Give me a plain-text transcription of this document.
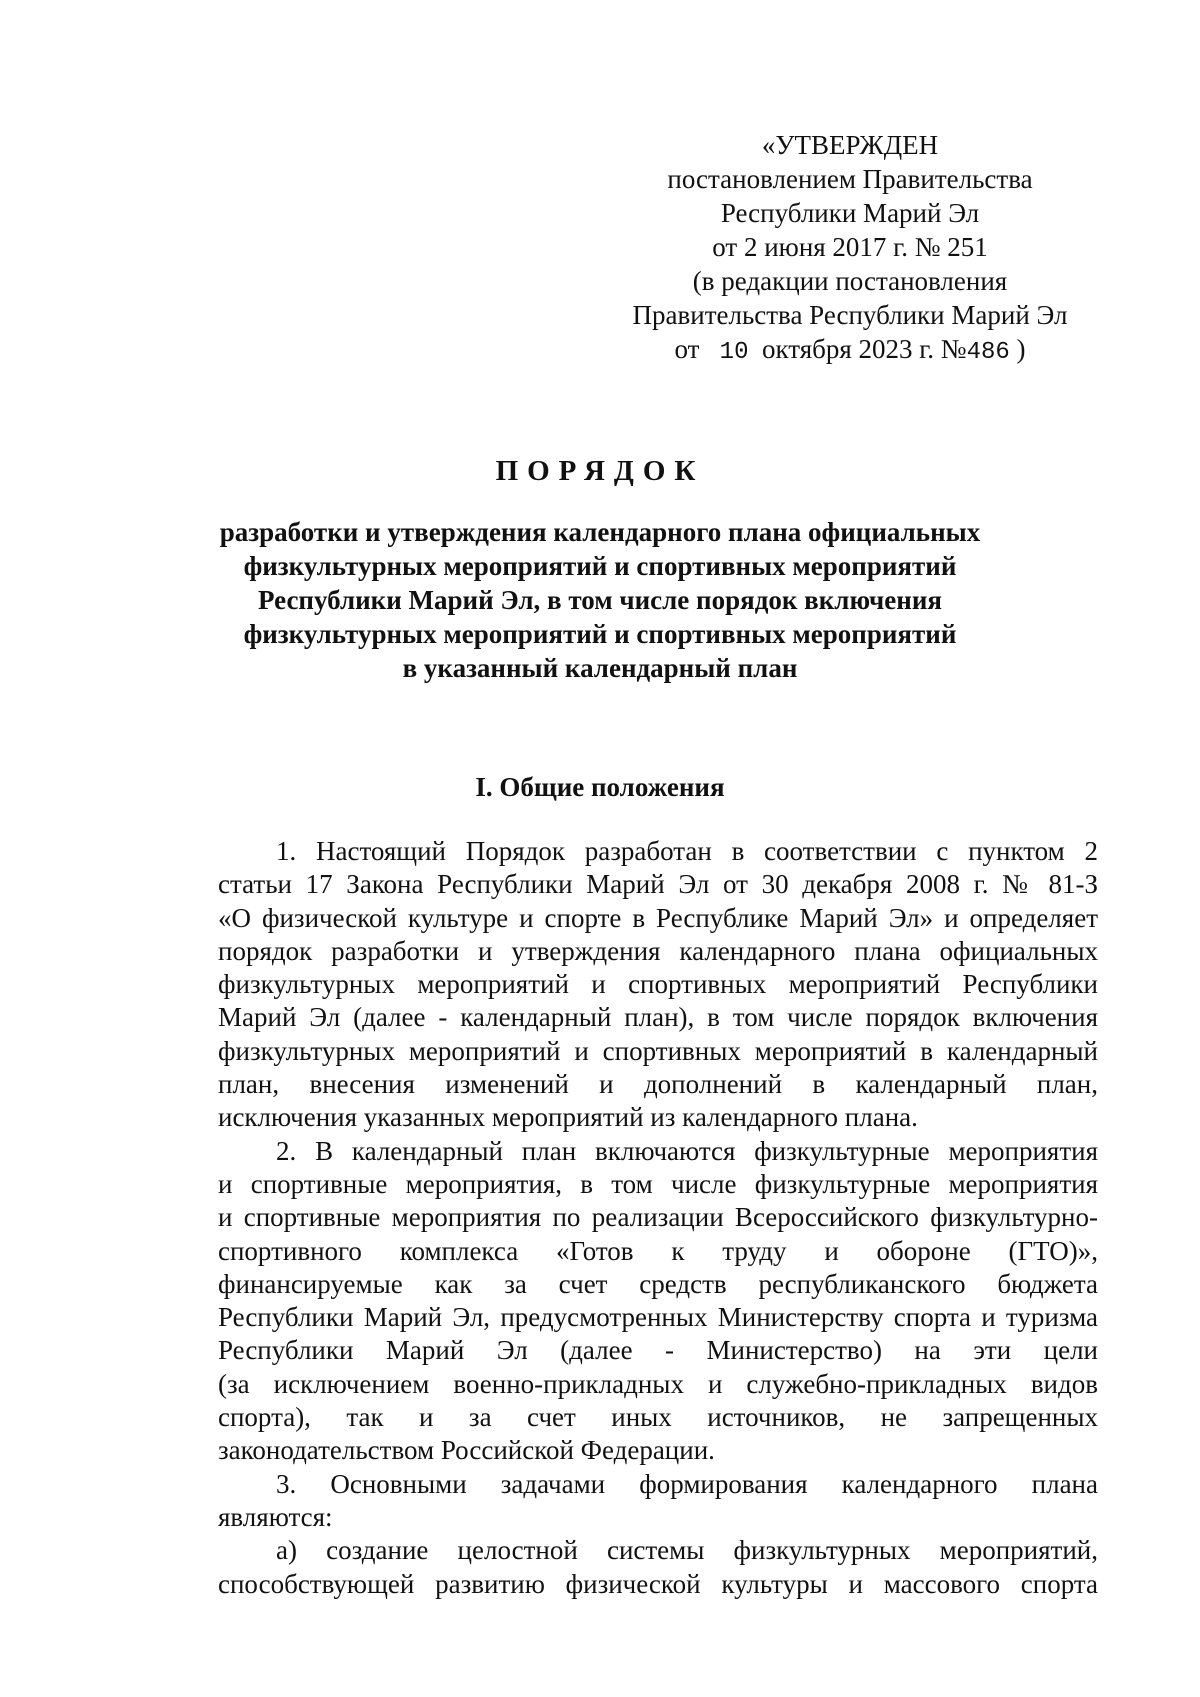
«УТВЕРЖДЕН
постановлением Правительства
Республики Марий Эл
от 2 июня 2017 г. № 251
(в редакции постановления
Правительства Республики Марий Эл
от 10 октября 2023 г. №486 )
ПОРЯДОК
разработки и утверждения календарного плана официальных
физкультурных мероприятий и спортивных мероприятий
Республики Марий Эл, в том числе порядок включения
физкультурных мероприятий и спортивных мероприятий
в указанный календарный план
I. Общие положения
1. Настоящий Порядок разработан в соответствии с пунктом 2
статьи 17 Закона Республики Марий Эл от 30 декабря 2008 г. № 81-З
«О физической культуре и спорте в Республике Марий Эл» и определяет
порядок разработки и утверждения календарного плана официальных
физкультурных мероприятий и спортивных мероприятий Республики
Марий Эл (далее - календарный план), в том числе порядок включения
физкультурных мероприятий и спортивных мероприятий в календарный
план, внесения изменений и дополнений в календарный план,
исключения указанных мероприятий из календарного плана.
2. В календарный план включаются физкультурные мероприятия
и спортивные мероприятия, в том числе физкультурные мероприятия
и спортивные мероприятия по реализации Всероссийского физкультурно-
спортивного комплекса «Готов к труду и обороне (ГТО)»,
финансируемые как за счет средств республиканского бюджета
Республики Марий Эл, предусмотренных Министерству спорта и туризма
Республики Марий Эл (далее - Министерство) на эти цели
(за исключением военно-прикладных и служебно-прикладных видов
спорта), так и за счет иных источников, не запрещенных
законодательством Российской Федерации.
3. Основными задачами формирования календарного плана
являются:
а) создание целостной системы физкультурных мероприятий,
способствующей развитию физической культуры и массового спорта
